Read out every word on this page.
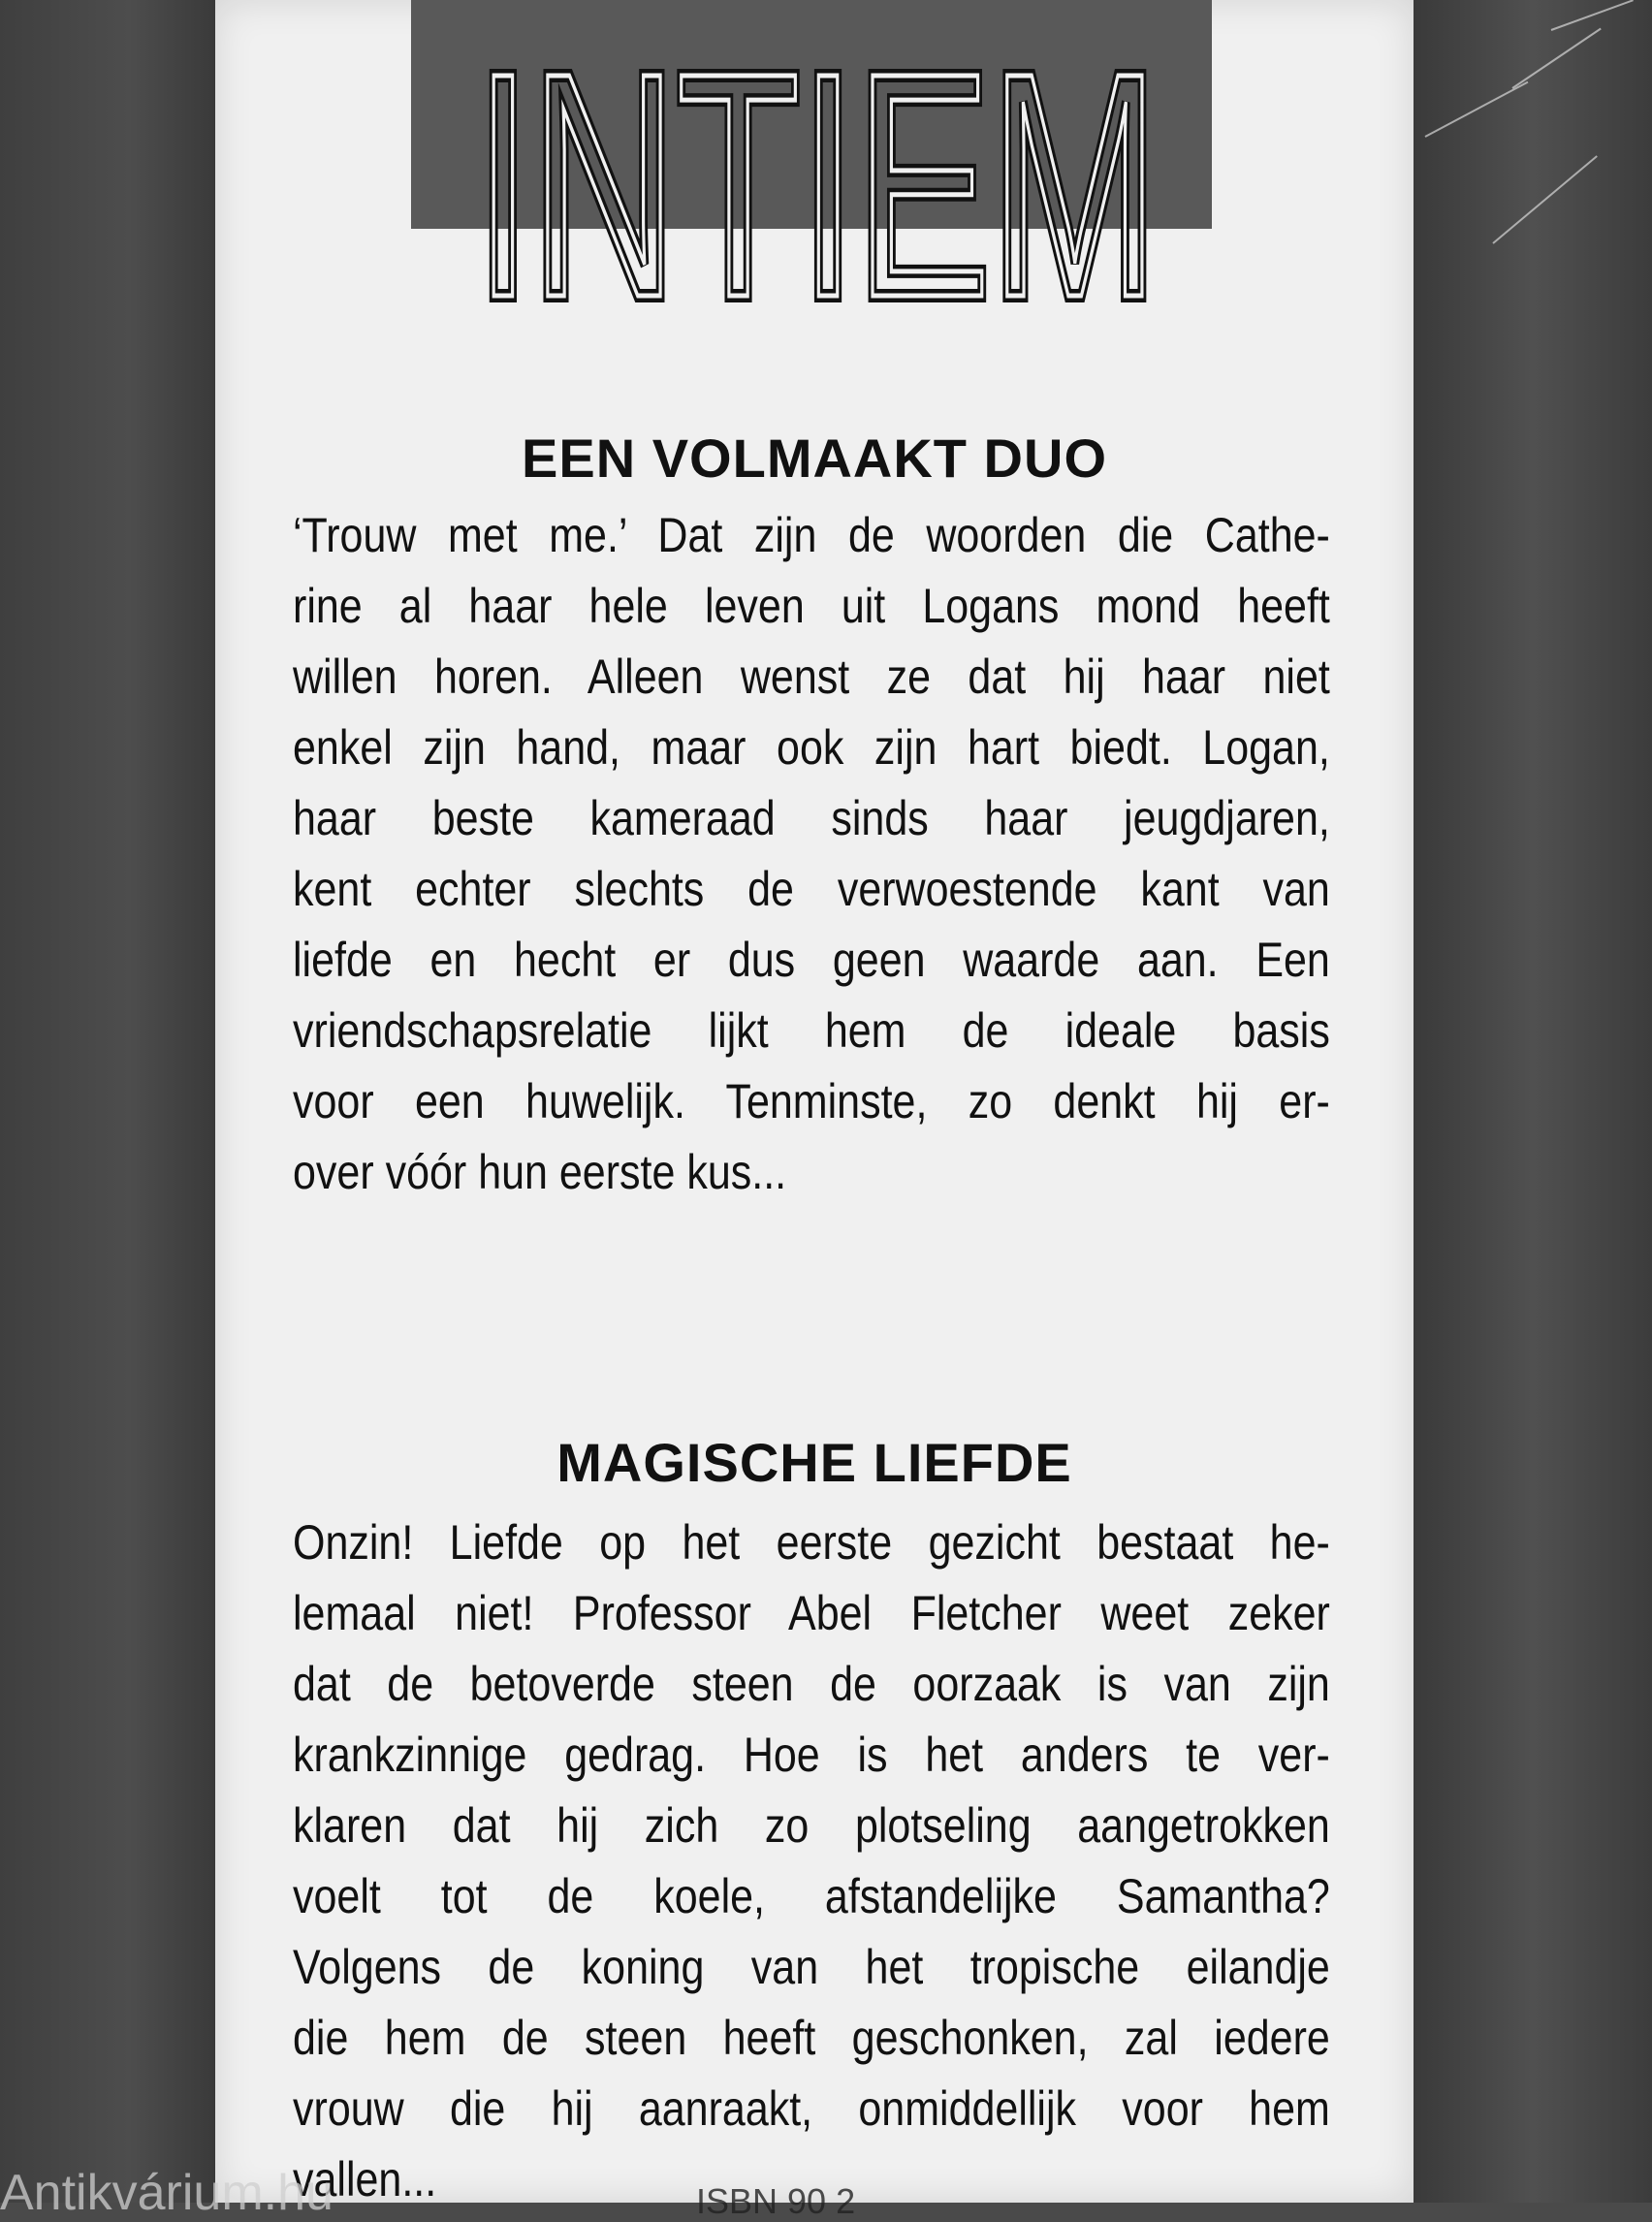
INTIEM
INTIEM
EEN VOLMAAKT DUO
‘Trouw met me.’ Dat zijn de woorden die Cathe-
rine al haar hele leven uit Logans mond heeft
willen horen. Alleen wenst ze dat hij haar niet
enkel zijn hand, maar ook zijn hart biedt. Logan,
haar beste kameraad sinds haar jeugdjaren,
kent echter slechts de verwoestende kant van
liefde en hecht er dus geen waarde aan. Een
vriendschapsrelatie lijkt hem de ideale basis
voor een huwelijk. Tenminste, zo denkt hij er-
over vóór hun eerste kus...
MAGISCHE LIEFDE
Onzin! Liefde op het eerste gezicht bestaat he-
lemaal niet! Professor Abel Fletcher weet zeker
dat de betoverde steen de oorzaak is van zijn
krankzinnige gedrag. Hoe is het anders te ver-
klaren dat hij zich zo plotseling aangetrokken
voelt tot de koele, afstandelijke Samantha?
Volgens de koning van het tropische eilandje
die hem de steen heeft geschonken, zal iedere
vrouw die hij aanraakt, onmiddellijk voor hem
vallen...

Antikvárium.hu	ISBN 90 2
